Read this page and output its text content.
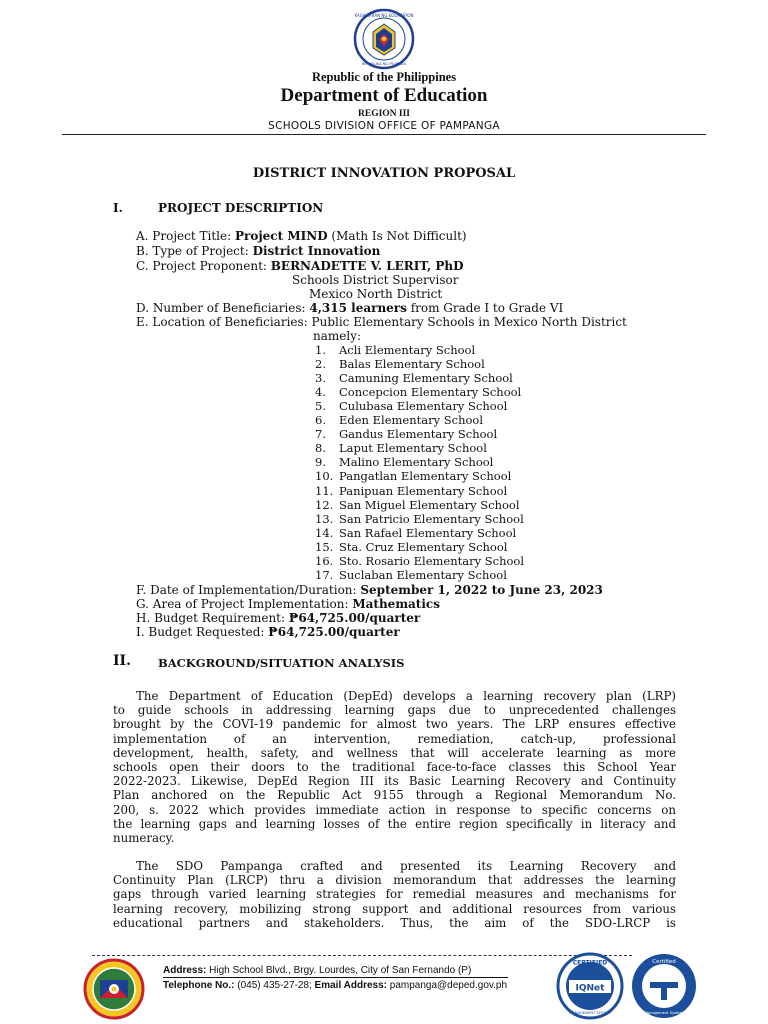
KAGAWARAN NG EDUKASYON
REPUBLIKA NG PILIPINAS
Republic of the Philippines
Department of Education
REGION III
SCHOOLS DIVISION OFFICE OF PAMPANGA
DISTRICT INNOVATION PROPOSAL
I.	PROJECT DESCRIPTION
A. Project Title: Project MIND (Math Is Not Difficult)
B. Type of Project: District Innovation
C. Project Proponent: BERNADETTE V. LERIT, PhD
Schools District Supervisor
Mexico North District
D. Number of Beneficiaries: 4,315 learners from Grade I to Grade VI
E. Location of Beneficiaries: Public Elementary Schools in Mexico North District
namely:
1. Acli Elementary School
2. Balas Elementary School
3. Camuning Elementary School
4. Concepcion Elementary School
5. Culubasa Elementary School
6. Eden Elementary School
7. Gandus Elementary School
8. Laput Elementary School
9. Malino Elementary School
10. Pangatlan Elementary School
11. Panipuan Elementary School
12. San Miguel Elementary School
13. San Patricio Elementary School
14. San Rafael Elementary School
15. Sta. Cruz Elementary School
16. Sto. Rosario Elementary School
17. Suclaban Elementary School
F. Date of Implementation/Duration: September 1, 2022 to June 23, 2023
G. Area of Project Implementation: Mathematics
H. Budget Requirement: ₱64,725.00/quarter
I. Budget Requested: ₱64,725.00/quarter
II. BACKGROUND/SITUATION ANALYSIS
The Department of Education (DepEd) develops a learning recovery plan (LRP)
to guide schools in addressing learning gaps due to unprecedented challenges
brought by the COVI-19 pandemic for almost two years. The LRP ensures effective
implementation of an intervention, remediation, catch-up, professional
development, health, safety, and wellness that will accelerate learning as more
schools open their doors to the traditional face-to-face classes this School Year
2022-2023. Likewise, DepEd Region III its Basic Learning Recovery and Continuity
Plan anchored on the Republic Act 9155 through a Regional Memorandum No.
200, s. 2022 which provides immediate action in response to specific concerns on
the learning gaps and learning losses of the entire region specifically in literacy and
numeracy.
The SDO Pampanga crafted and presented its Learning Recovery and
Continuity Plan (LRCP) thru a division memorandum that addresses the learning
gaps through varied learning strategies for remedial measures and mechanisms for
learning recovery, mobilizing strong support and additional resources from various
educational partners and stakeholders. Thus, the aim of the SDO-LRCP is
Address: High School Blvd., Brgy. Lourdes, City of San Fernando (P)
Telephone No.: (045) 435-27-28; Email Address: pampanga@deped.gov.ph
CERTIFIED
IQNet
MANAGEMENT SYSTEM
Certified
Management System
